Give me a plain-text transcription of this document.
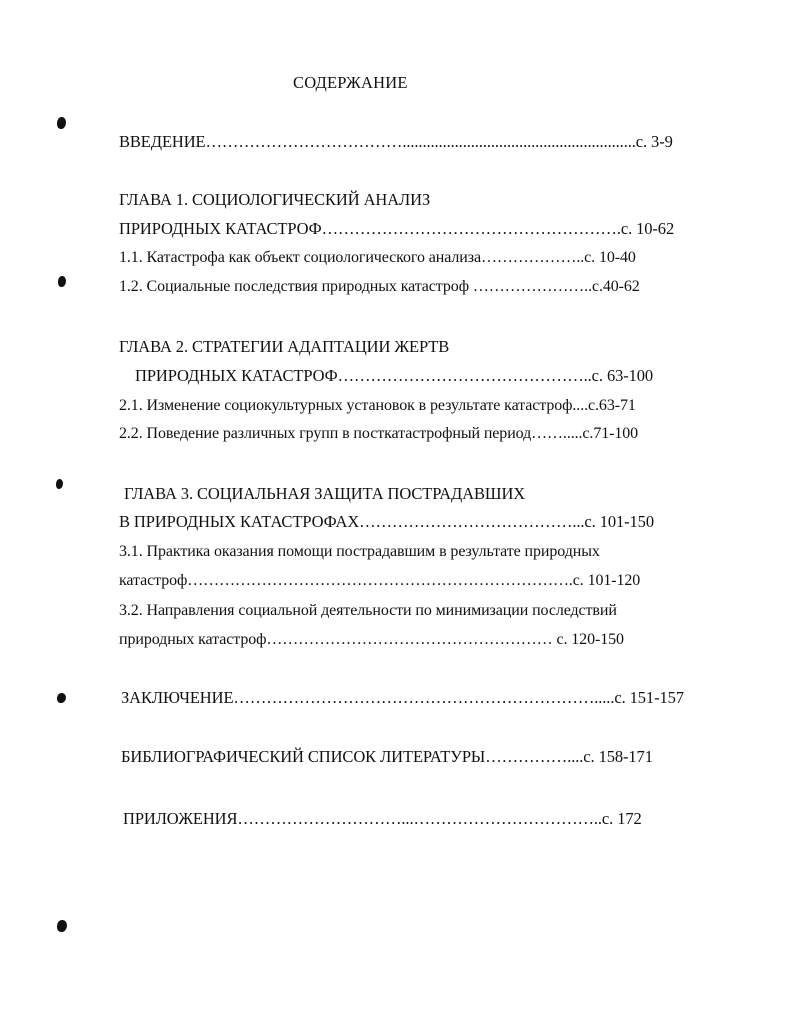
СОДЕРЖАНИЕ
ВВЕДЕНИЕ………………………………..........................................................с. 3-9
ГЛАВА 1. СОЦИОЛОГИЧЕСКИЙ АНАЛИЗ
ПРИРОДНЫХ КАТАСТРОФ……………………………………………….с. 10-62
1.1. Катастрофа как объект социологического анализа………………..с. 10-40
1.2. Социальные последствия природных катастроф …………………..с.40-62
ГЛАВА 2. СТРАТЕГИИ АДАПТАЦИИ ЖЕРТВ
ПРИРОДНЫХ КАТАСТРОФ………………………………………..с. 63-100
2.1. Изменение социокультурных установок в результате катастроф....с.63-71
2.2. Поведение различных групп в посткатастрофный период…….....с.71-100
ГЛАВА 3. СОЦИАЛЬНАЯ ЗАЩИТА ПОСТРАДАВШИХ
В ПРИРОДНЫХ КАТАСТРОФАХ…………………………………...с. 101-150
3.1. Практика оказания помощи пострадавшим в результате природных
катастроф……………………………………………………………….с. 101-120
3.2. Направления социальной деятельности по минимизации последствий
природных катастроф……………………………………………… с. 120-150
ЗАКЛЮЧЕНИЕ………………………………………………………….....с. 151-157
БИБЛИОГРАФИЧЕСКИЙ СПИСОК ЛИТЕРАТУРЫ……………....с. 158-171
ПРИЛОЖЕНИЯ…………………………...……………………………..с. 172
